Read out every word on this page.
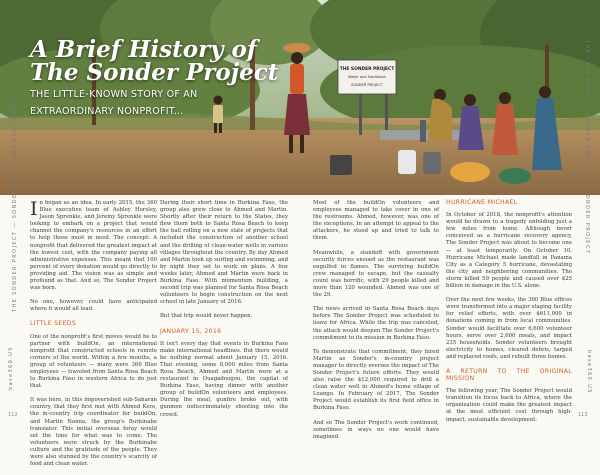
THE SONDER PROJECT
Water and Sanitation
SONDER PROJECT
A Brief History of
The Sonder Project
THE LITTLE-KNOWN STORY OF AN
EXTRAORDINARY NONPROFIT...
THE SONDER PROJECT — SONDER.ORG — THE LAST WORD	THE LAST WORD — SONDER.ORG — THE SONDER PROJECT

In began as an idea. In early 2015, the 360 Blue executive team of Ashley Horsley, Jason Sprenkle, and Jeremy Sprenkle were looking to embark on a project that would channel the company's resources in an effort to help those most in need. The concept: A nonprofit that delivered the greatest impact at the lowest cost, with the company paying all administrative expenses. This meant that 100 percent of every donation would go directly to providing aid. The vision was as simple and profound as that. And so, The Sonder Project was born.

No one, however, could have anticipated where it would all lead.

LITTLE SEEDS

One of the nonprofit's first moves would be to partner with buildOn, an international nonprofit that constructed schools in remote corners of the world. Within a few months, a group of volunteers — many were 360 Blue employees — traveled from Santa Rosa Beach to Burkina Faso in western Africa to do just that.

It was here, in this impoverished sub-Saharan country, that they first met with Ahmed Kere, the in-country trip coordinator for buildOn, and Martin Nanna, the group's Burkinabe translator. This initial overseas foray would set the tone for what was to come. The volunteers were struck by the Burkinabe culture and the gratitude of the people. They were also stunned by the country's scarcity of food and clean water.

During their short time in Burkina Faso, the group also grew close to Ahmed and Martin. Shortly after their return to the States, they flew them both to Santa Rosa Beach to keep the ball rolling on a new slate of projects that included the construction of another school and the drilling of clean-water wells in various villages throughout the country. By day Ahmed and Martin took up surfing and swimming, and by night they set to work on plans. A few weeks later, Ahmed and Martin were back in Burkina Faso. With momentum building, a second trip was planned for Santa Rosa Beach volunteers to begin construction on the next school in late January of 2016.

But that trip would never happen.

JANUARY 15, 2016

It isn't every day that events in Burkina Faso make international headlines. But there would be nothing normal about January 15, 2016. That evening, some 8,000 miles from Santa Rosa Beach, Ahmed and Martin were at a restaurant in Ouagadougou, the capital of Burkina Faso, having dinner with another group of buildOn volunteers and employees. During the meal, gunfire broke out, with gunmen indiscriminately shooting into the crowd.

Most of the buildOn volunteers and employees managed to take cover in one of the restrooms. Ahmed, however, was one of the exceptions. In an attempt to appeal to the attackers, he stood up and tried to talk to them.

Meanwhile, a standoff with government security forces ensued as the restaurant was engulfed in flames. The surviving buildOn crew managed to escape, but the casualty count was horrific, with 29 people killed and more than 120 wounded. Ahmed was one of the 29.

The news arrived in Santa Rosa Beach days before The Sonder Project was scheduled to leave for Africa. While the trip was canceled, the attack would deepen The Sonder Project's commitment to its mission in Burkina Faso.

To demonstrate that commitment, they hired Martin as Sonder's in-country project manager to directly oversee the impact of The Sonder Project's future efforts. They would also raise the $12,000 required to drill a clean water well in Ahmed's home village of Loango. In February of 2017, The Sonder Project would establish its first field office in Burkina Faso.

And so The Sonder Project's work continued, sometimes in ways no one would have imagined.

HURRICANE MICHAEL

In October of 2018, the nonprofit's attention would be drawn to a tragedy unfolding just a few miles from home. Although never conceived as a hurricane recovery agency, The Sonder Project was about to become one — at least temporarily. On October 10, Hurricane Michael made landfall in Panama City as a Category 5 hurricane, devastating the city and neighboring communities. The storm killed 59 people and caused over $25 billion in damage in the U.S. alone.

Over the next few weeks, the 360 Blue offices were transformed into a major staging facility for relief efforts, with over $611,000 in donations coming in from local communities. Sonder would facilitate over 6,600 volunteer hours, serve over 2,600 meals, and impact 235 households. Sonder volunteers brought electricity to homes, cleared debris, tarped and replaced roofs, and rebuilt three homes.

A RETURN TO THE ORIGINAL MISSION

The following year, The Sonder Project would transition its focus back to Africa, where the organization could make the greatest impact at the most efficient cost through high-impact, sustainable development.

112
base360.US
113
base360.US
